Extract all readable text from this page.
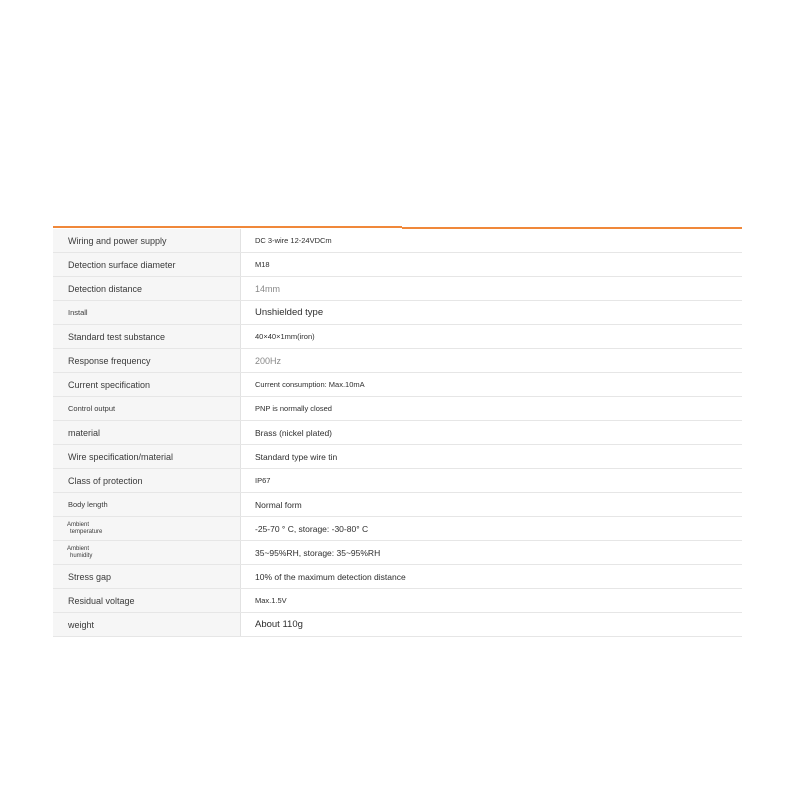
Wiring and power supply	DC 3-wire 12-24VDCm
Detection surface diameter	M18
Detection distance	14mm
Install	Unshielded type
Standard test substance	40×40×1mm(iron)
Response frequency	200Hz
Current specification	Current consumption: Max.10mA
Control output	PNP is normally closed
material	Brass (nickel plated)
Wire specification/material	Standard type wire tin
Class of protection	IP67
Body length	Normal form

Ambient
temperature	-25-70 ° C, storage: -30-80° C

Ambient
humidity	35~95%RH, storage: 35~95%RH
Stress gap	10% of the maximum detection distance
Residual voltage	Max.1.5V
weight	About 110g
